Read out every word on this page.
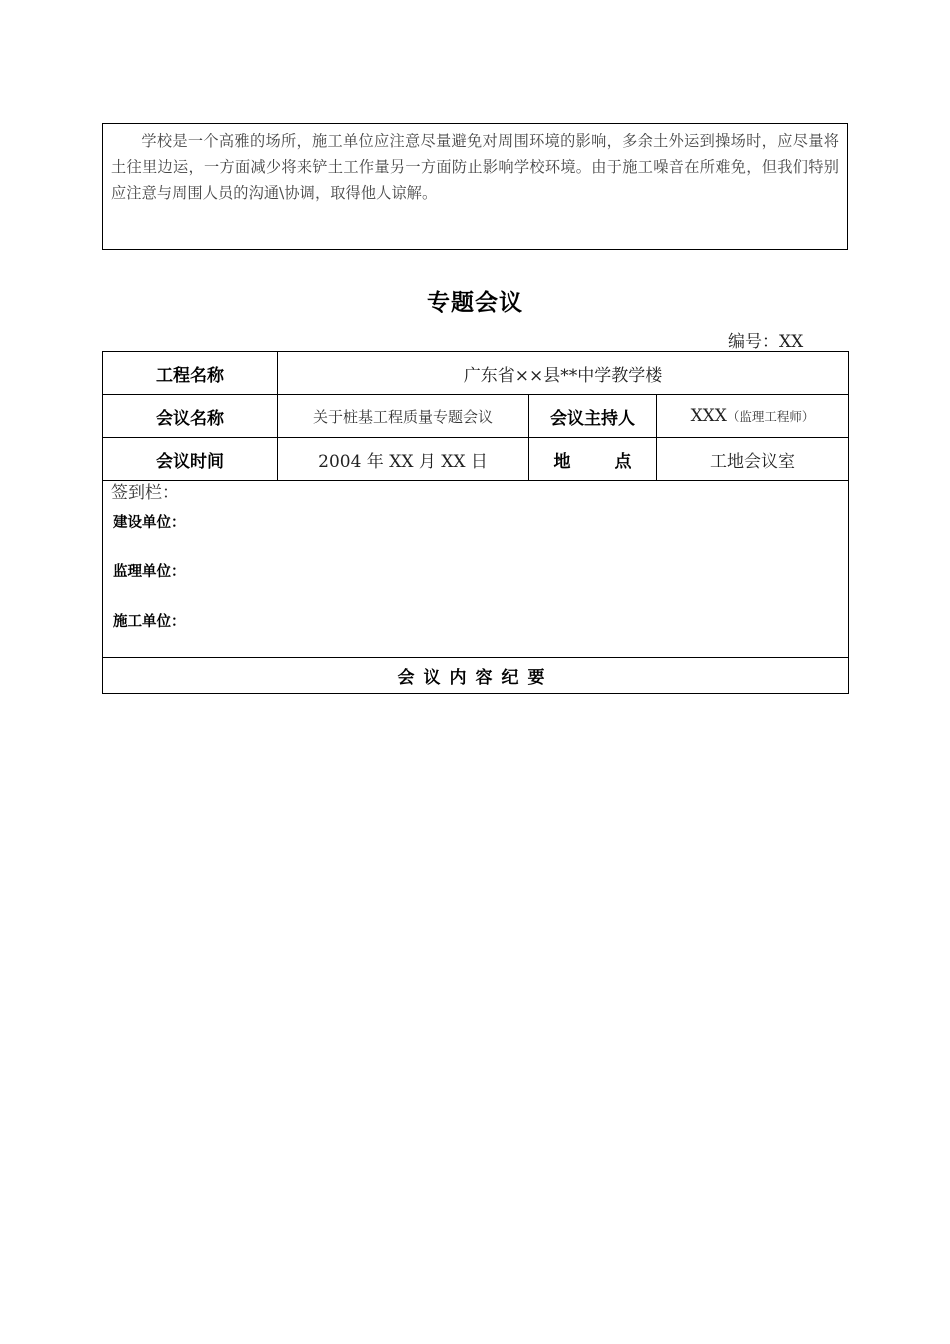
学校是一个高雅的场所，施工单位应注意尽量避免对周围环境的影响，多余土外运到操场时，应尽量将土往里边运，一方面减少将来铲土工作量另一方面防止影响学校环境。由于施工噪音在所难免，但我们特别应注意与周围人员的沟通\协调，取得他人谅解。
专题会议
编号：XX
工程名称	广东省××县**中学教学楼		
会议名称	关于桩基工程质量专题会议	会议主持人	XXX（监理工程师）
会议时间	2004 年 XX 月 XX 日	地 点	工地会议室

签到栏：
建设单位：
监理单位：
施工单位：			

会议内容纪要			
